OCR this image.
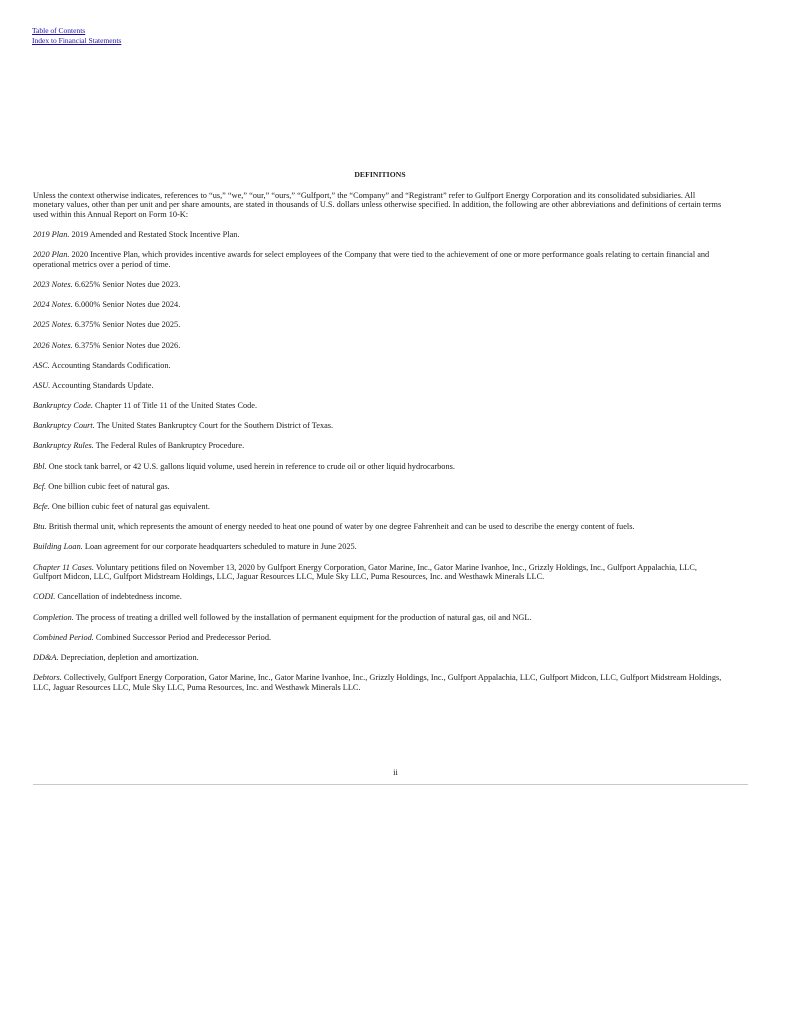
Table of Contents
Index to Financial Statements
DEFINITIONS

Unless the context otherwise indicates, references to “us,” “we,” “our,” “ours,” “Gulfport,” the “Company” and “Registrant” refer to Gulfport Energy Corporation and its consolidated subsidiaries. All monetary values, other than per unit and per share amounts, are stated in thousands of U.S. dollars unless otherwise specified. In addition, the following are other abbreviations and definitions of certain terms used within this Annual Report on Form 10-K:

2019 Plan. 2019 Amended and Restated Stock Incentive Plan.

2020 Plan. 2020 Incentive Plan, which provides incentive awards for select employees of the Company that were tied to the achievement of one or more performance goals relating to certain financial and operational metrics over a period of time.

2023 Notes. 6.625% Senior Notes due 2023.

2024 Notes. 6.000% Senior Notes due 2024.

2025 Notes. 6.375% Senior Notes due 2025.

2026 Notes. 6.375% Senior Notes due 2026.

ASC. Accounting Standards Codification.

ASU. Accounting Standards Update.

Bankruptcy Code. Chapter 11 of Title 11 of the United States Code.

Bankruptcy Court. The United States Bankruptcy Court for the Southern District of Texas.

Bankruptcy Rules. The Federal Rules of Bankruptcy Procedure.

Bbl. One stock tank barrel, or 42 U.S. gallons liquid volume, used herein in reference to crude oil or other liquid hydrocarbons.

Bcf. One billion cubic feet of natural gas.

Bcfe. One billion cubic feet of natural gas equivalent.

Btu. British thermal unit, which represents the amount of energy needed to heat one pound of water by one degree Fahrenheit and can be used to describe the energy content of fuels.

Building Loan. Loan agreement for our corporate headquarters scheduled to mature in June 2025.

Chapter 11 Cases. Voluntary petitions filed on November 13, 2020 by Gulfport Energy Corporation, Gator Marine, Inc., Gator Marine Ivanhoe, Inc., Grizzly Holdings, Inc., Gulfport Appalachia, LLC, Gulfport Midcon, LLC, Gulfport Midstream Holdings, LLC, Jaguar Resources LLC, Mule Sky LLC, Puma Resources, Inc. and Westhawk Minerals LLC.

CODI. Cancellation of indebtedness income.

Completion. The process of treating a drilled well followed by the installation of permanent equipment for the production of natural gas, oil and NGL.

Combined Period. Combined Successor Period and Predecessor Period.

DD&A. Depreciation, depletion and amortization.

Debtors. Collectively, Gulfport Energy Corporation, Gator Marine, Inc., Gator Marine Ivanhoe, Inc., Grizzly Holdings, Inc., Gulfport Appalachia, LLC, Gulfport Midcon, LLC, Gulfport Midstream Holdings, LLC, Jaguar Resources LLC, Mule Sky LLC, Puma Resources, Inc. and Westhawk Minerals LLC.

ii
